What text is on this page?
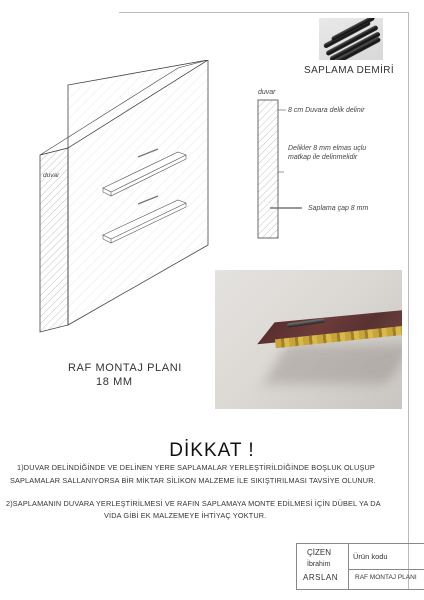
SAPLAMA DEMİRİ
duvar
duvar
8 cm Duvara delik delinir
Delikler 8 mm elmas uçlu
matkap ile delinmelidir
Saplama çap 8 mm
RAF MONTAJ PLANI
18 MM
DİKKAT !
1)DUVAR DELİNDİĞİNDE VE DELİNEN YERE SAPLAMALAR YERLEŞTİRİLDİĞİNDE BOŞLUK OLUŞUP
SAPLAMALAR SALLANIYORSA BİR MİKTAR SİLİKON MALZEME İLE SIKIŞTIRILMASI TAVSİYE OLUNUR.
2)SAPLAMANIN DUVARA YERLEŞTİRİLMESİ VE RAFIN SAPLAMAYA MONTE EDİLMESİ İÇİN DÜBEL YA DA
VİDA GİBİ EK MALZEMEYE İHTİYAÇ YOKTUR.
ÇİZEN
İbrahim
ARSLAN
Ürün kodu
RAF MONTAJ PLANI
